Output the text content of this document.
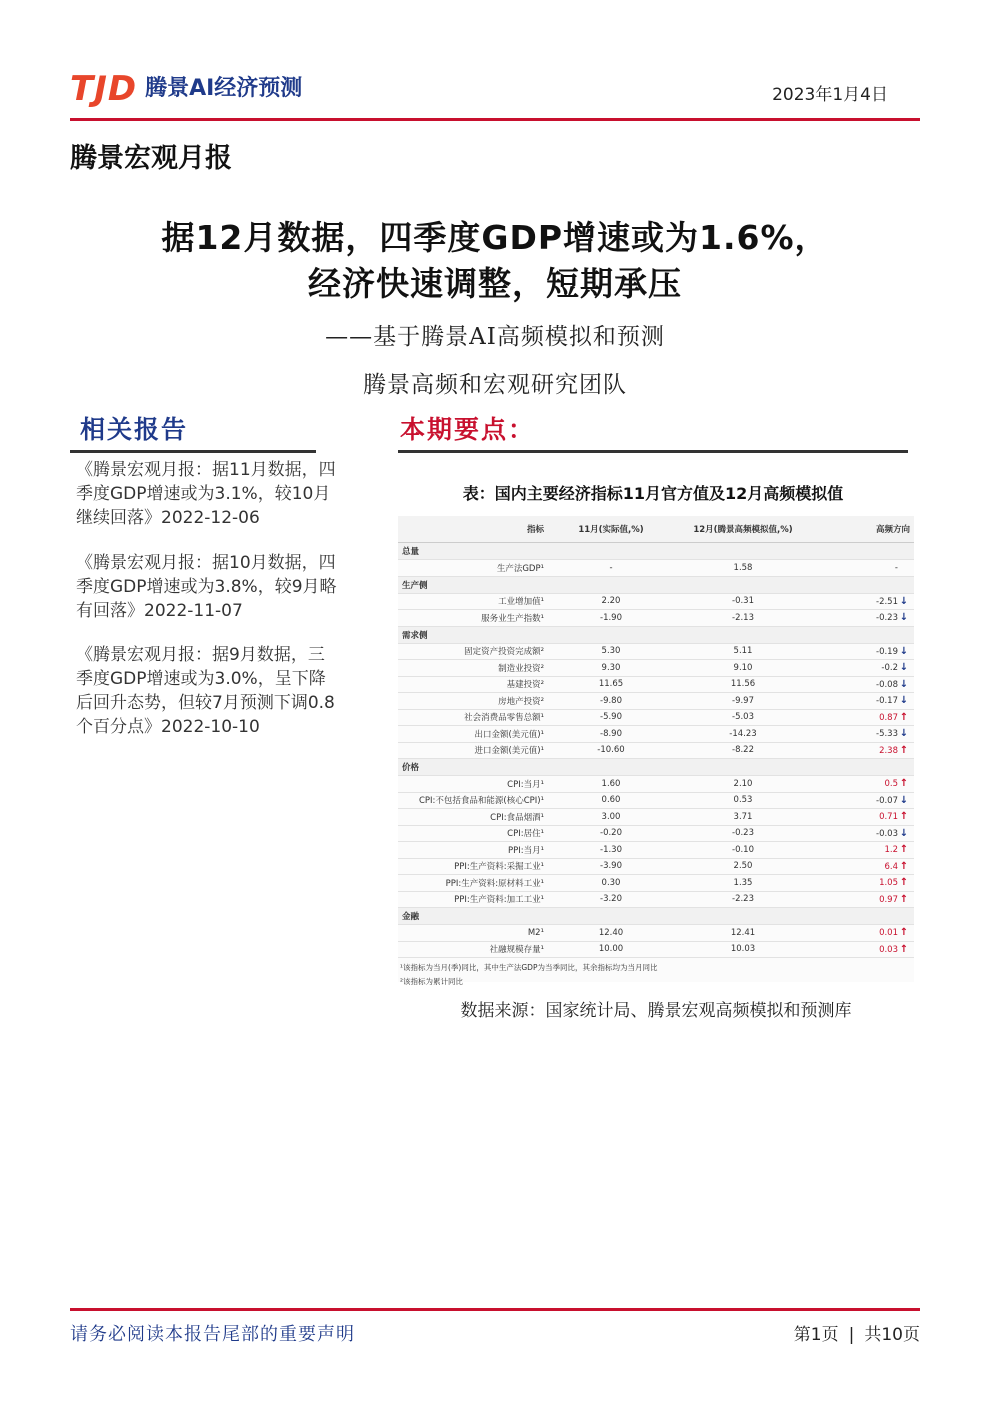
TJD 腾景AI经济预测	2023年1月4日
腾景宏观月报
据12月数据，四季度GDP增速或为1.6%，
经济快速调整，短期承压
——基于腾景AI高频模拟和预测
腾景高频和宏观研究团队
相关报告
《腾景宏观月报：据11月数据，四季度GDP增速或为3.1%，较10月继续回落》2022-12-06
《腾景宏观月报：据10月数据，四季度GDP增速或为3.8%，较9月略有回落》2022-11-07
《腾景宏观月报：据9月数据，三季度GDP增速或为3.0%，呈下降后回升态势，但较7月预测下调0.8个百分点》2022-10-10
本期要点：
表：国内主要经济指标11月官方值及12月高频模拟值
指标	11月(实际值,%)	12月(腾景高频模拟值,%)	高频方向
总量			
生产法GDP¹	-	1.58	-
生产侧			
工业增加值¹	2.20	-0.31	-2.51 ↓
服务业生产指数¹	-1.90	-2.13	-0.23 ↓
需求侧			
固定资产投资完成额²	5.30	5.11	-0.19 ↓
制造业投资²	9.30	9.10	-0.2 ↓
基建投资²	11.65	11.56	-0.08 ↓
房地产投资²	-9.80	-9.97	-0.17 ↓
社会消费品零售总额¹	-5.90	-5.03	0.87 ↑
出口金额(美元值)¹	-8.90	-14.23	-5.33 ↓
进口金额(美元值)¹	-10.60	-8.22	2.38 ↑
价格			
CPI:当月¹	1.60	2.10	0.5 ↑
CPI:不包括食品和能源(核心CPI)¹	0.60	0.53	-0.07 ↓
CPI:食品烟酒¹	3.00	3.71	0.71 ↑
CPI:居住¹	-0.20	-0.23	-0.03 ↓
PPI:当月¹	-1.30	-0.10	1.2 ↑
PPI:生产资料:采掘工业¹	-3.90	2.50	6.4 ↑
PPI:生产资料:原材料工业¹	0.30	1.35	1.05 ↑
PPI:生产资料:加工工业¹	-3.20	-2.23	0.97 ↑
金融			
M2¹	12.40	12.41	0.01 ↑
社融规模存量¹	10.00	10.03	0.03 ↑
¹该指标为当月(季)同比，其中生产法GDP为当季同比，其余指标均为当月同比
²该指标为累计同比
数据来源：国家统计局、腾景宏观高频模拟和预测库
请务必阅读本报告尾部的重要声明	第1页 | 共10页
